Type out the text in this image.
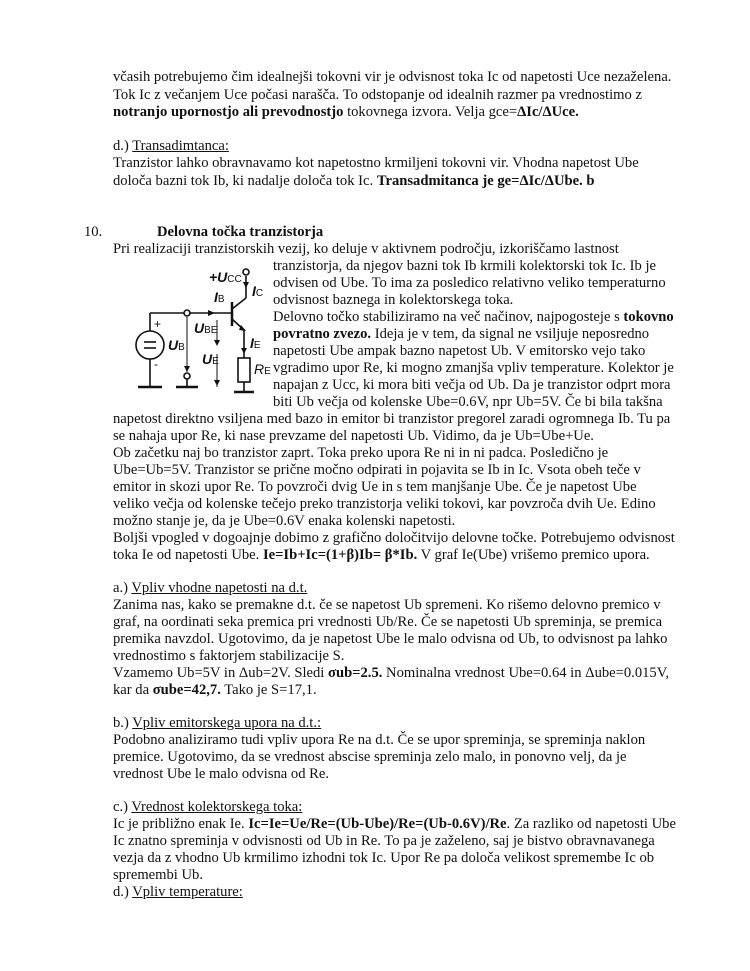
včasih potrebujemo čim idealnejši tokovni vir je odvisnost toka Ic od napetosti Uce nezaželena.
Tok Ic z večanjem Uce počasi narašča. To odstopanje od idealnih razmer pa vrednostimo z
notranjo upornostjo ali prevodnostjo tokovnega izvora. Velja gce=ΔIc/ΔUce.
d.) Transadimtanca:
Tranzistor lahko obravnavamo kot napetostno krmiljeni tokovni vir. Vhodna napetost Ube
določa bazni tok Ib, ki nadalje določa tok Ic. Transadmitanca je ge=ΔIc/ΔUbe. b
10.	Delovna točka tranzistorja
Pri realizaciji tranzistorskih vezij, ko deluje v aktivnem področju, izkoriščamo lastnost
+UCC
IC
IB
UBE
UB
UE
IE
RE
+
-
tranzistorja, da njegov bazni tok Ib krmili kolektorski tok Ic. Ib je
odvisen od Ube. To ima za posledico relativno veliko temperaturno
odvisnost baznega in kolektorskega toka.
Delovno točko stabiliziramo na več načinov, najpogosteje s tokovno
povratno zvezo. Ideja je v tem, da signal ne vsiljuje neposredno
napetosti Ube ampak bazno napetost Ub. V emitorsko vejo tako
vgradimo upor Re, ki mogno zmanjša vpliv temperature. Kolektor je
napajan z Ucc, ki mora biti večja od Ub. Da je tranzistor odprt mora
biti Ub večja od kolenske Ube=0.6V, npr Ub=5V. Če bi bila takšna
napetost direktno vsiljena med bazo in emitor bi tranzistor pregorel zaradi ogromnega Ib. Tu pa
se nahaja upor Re, ki nase prevzame del napetosti Ub. Vidimo, da je Ub=Ube+Ue.
Ob začetku naj bo tranzistor zaprt. Toka preko upora Re ni in ni padca. Posledično je
Ube=Ub=5V. Tranzistor se prične močno odpirati in pojavita se Ib in Ic. Vsota obeh teče v
emitor in skozi upor Re. To povzroči dvig Ue in s tem manjšanje Ube. Če je napetost Ube
veliko večja od kolenske tečejo preko tranzistorja veliki tokovi, kar povzroča dvih Ue. Edino
možno stanje je, da je Ube=0.6V enaka kolenski napetosti.
Boljši vpogled v dogoajnje dobimo z grafično določitvijo delovne točke. Potrebujemo odvisnost
toka Ie od napetosti Ube. Ie=Ib+Ic=(1+β)Ib= β*Ib. V graf Ie(Ube) vrišemo premico upora.
a.) Vpliv vhodne napetosti na d.t.
Zanima nas, kako se premakne d.t. če se napetost Ub spremeni. Ko rišemo delovno premico v
graf, na oordinati seka premica pri vrednosti Ub/Re. Če se napetosti Ub spreminja, se premica
premika navzdol. Ugotovimo, da je napetost Ube le malo odvisna od Ub, to odvisnost pa lahko
vrednostimo s faktorjem stabilizacije S.
Vzamemo Ub=5V in Δub=2V. Sledi σub=2.5. Nominalna vrednost Ube=0.64 in Δube=0.015V,
kar da σube=42,7. Tako je S=17,1.
b.) Vpliv emitorskega upora na d.t.:
Podobno analiziramo tudi vpliv upora Re na d.t. Če se upor spreminja, se spreminja naklon
premice. Ugotovimo, da se vrednost abscise spreminja zelo malo, in ponovno velj, da je
vrednost Ube le malo odvisna od Re.
c.) Vrednost kolektorskega toka:
Ic je približno enak Ie. Ic=Ie=Ue/Re=(Ub-Ube)/Re=(Ub-0.6V)/Re. Za razliko od napetosti Ube
Ic znatno spreminja v odvisnosti od Ub in Re. To pa je zaželeno, saj je bistvo obravnavanega
vezja da z vhodno Ub krmilimo izhodni tok Ic. Upor Re pa določa velikost spremembe Ic ob
spremembi Ub.
d.) Vpliv temperature:
